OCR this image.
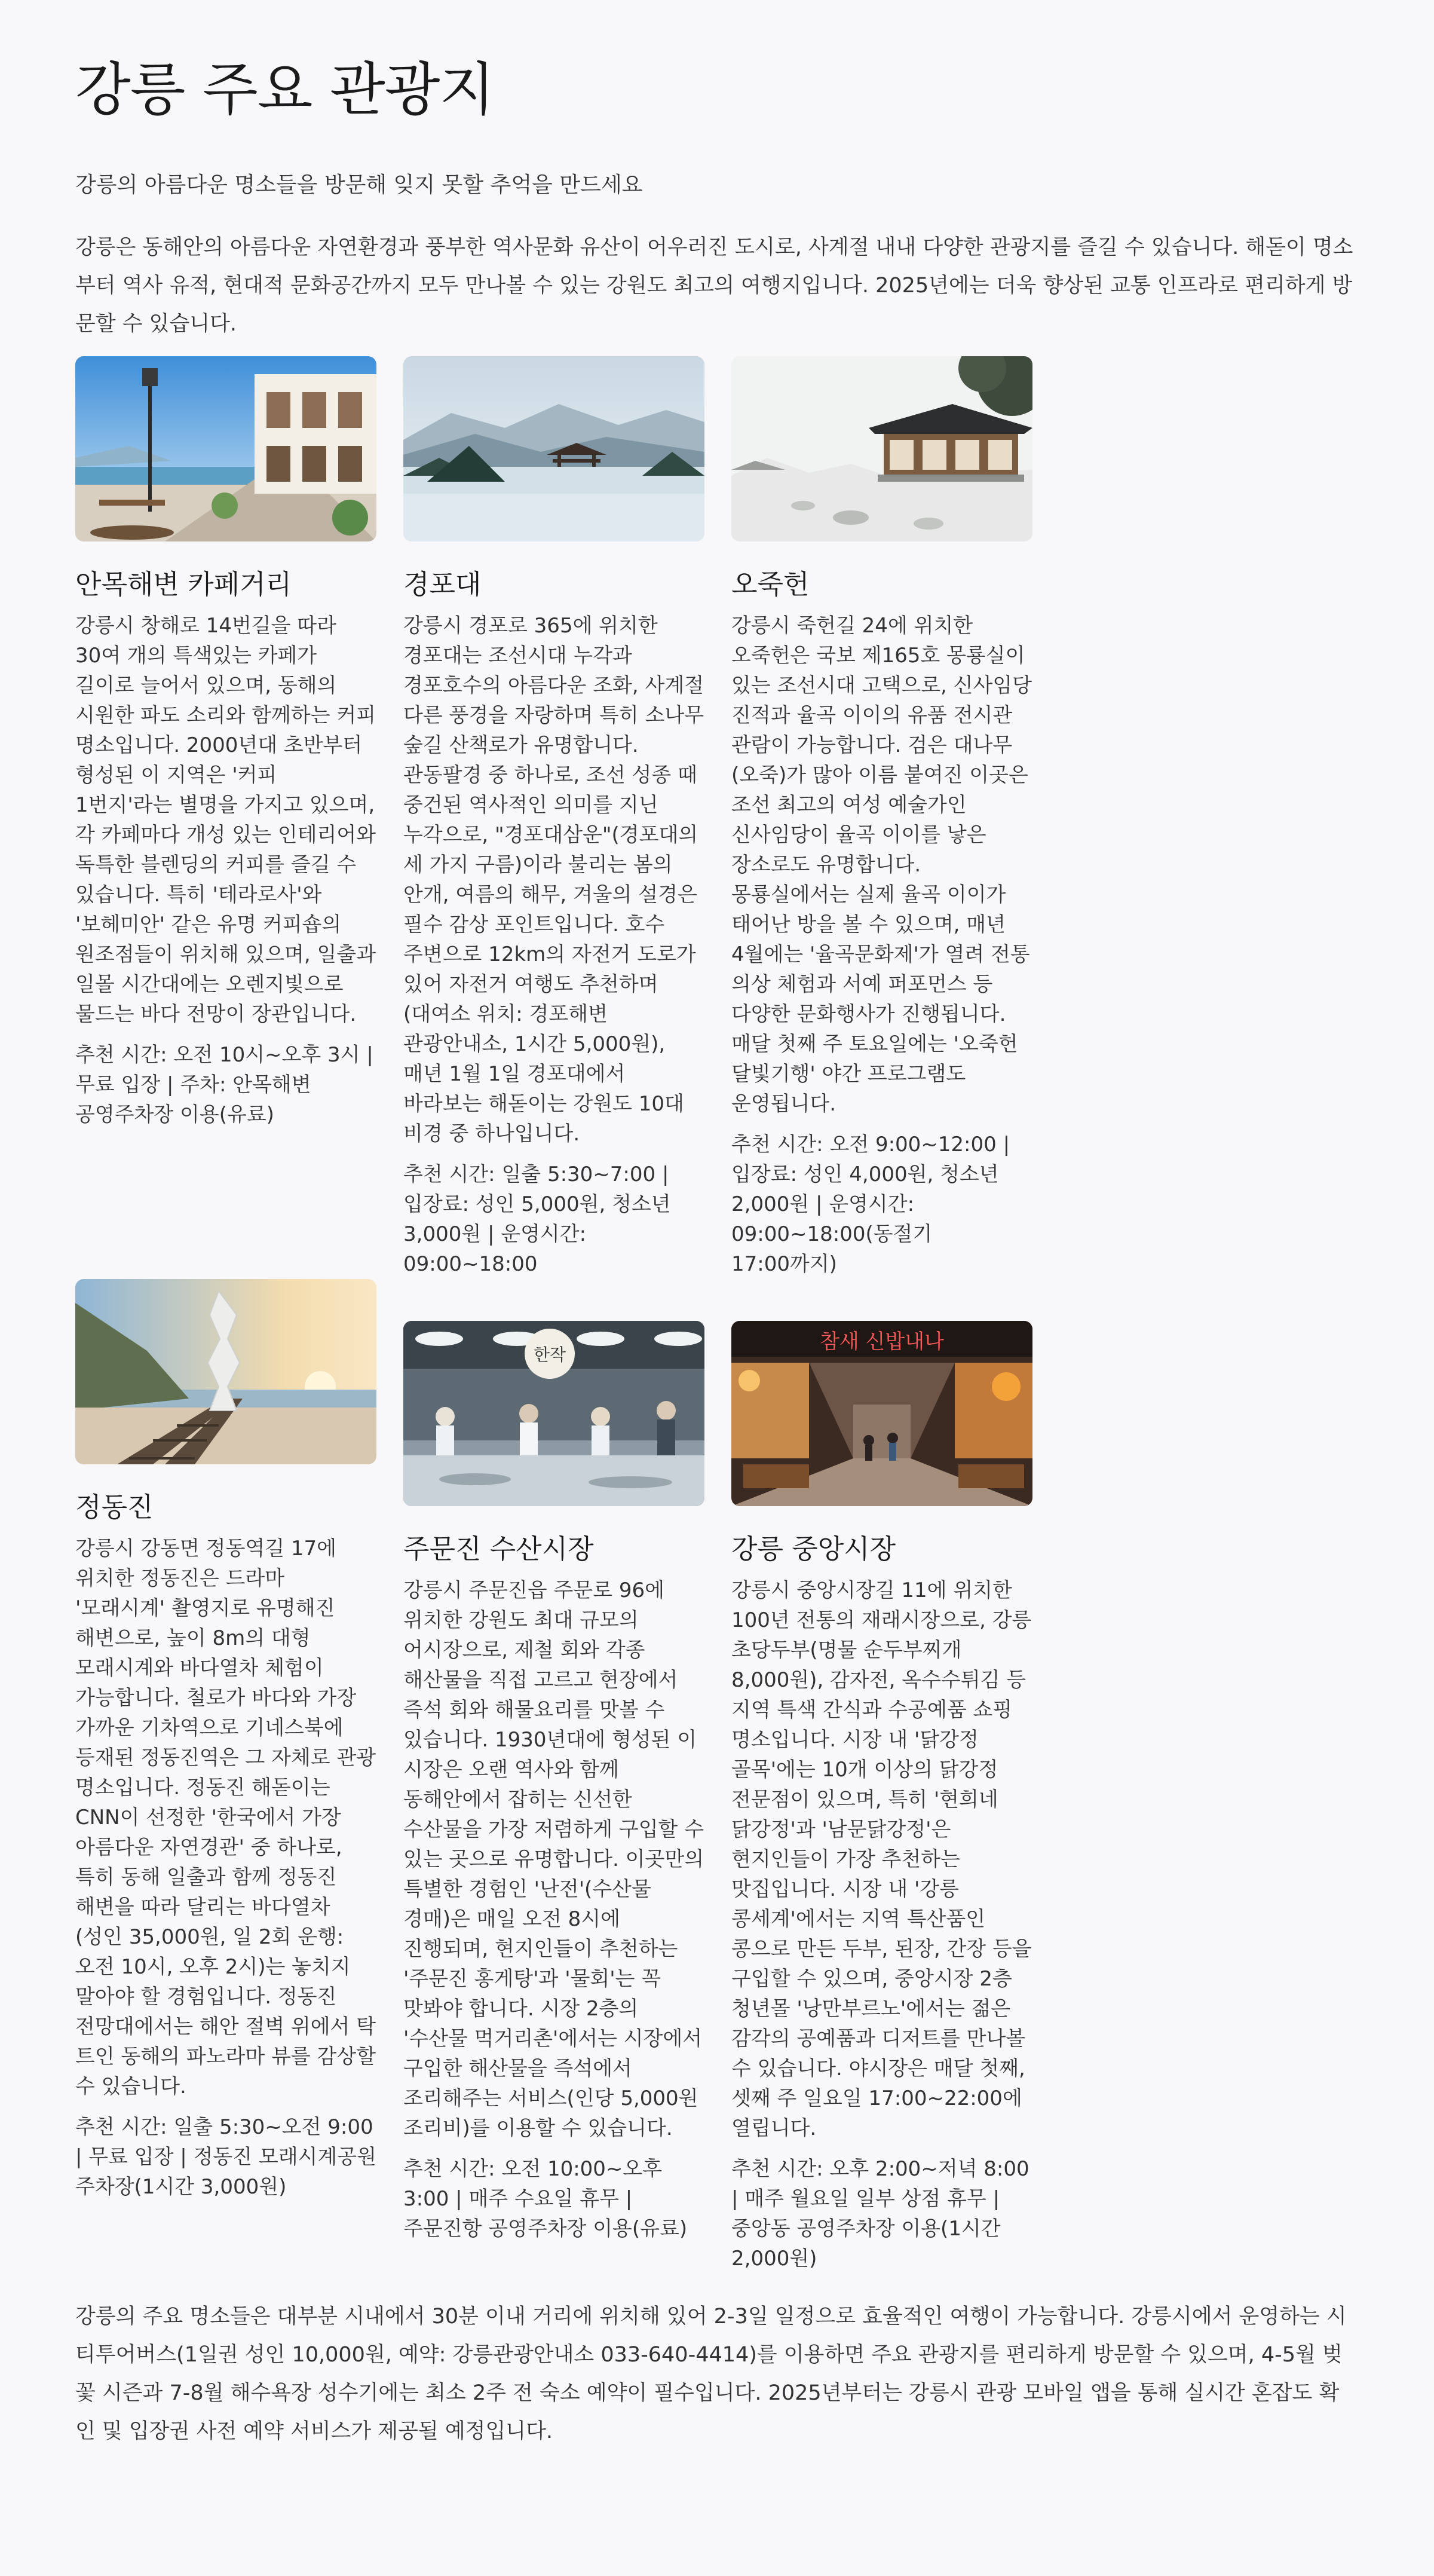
강릉 주요 관광지

강릉의 아름다운 명소들을 방문해 잊지 못할 추억을 만드세요

강릉은 동해안의 아름다운 자연환경과 풍부한 역사문화 유산이 어우러진 도시로, 사계절 내내 다양한 관광지를 즐길 수 있습니다. 해돋이 명소부터 역사 유적, 현대적 문화공간까지 모두 만나볼 수 있는 강원도 최고의 여행지입니다. 2025년에는 더욱 향상된 교통 인프라로 편리하게 방문할 수 있습니다.

안목해변 카페거리

강릉시 창해로 14번길을 따라 30여 개의 특색있는 카페가 길이로 늘어서 있으며, 동해의 시원한 파도 소리와 함께하는 커피 명소입니다. 2000년대 초반부터 형성된 이 지역은 '커피 1번지'라는 별명을 가지고 있으며, 각 카페마다 개성 있는 인테리어와 독특한 블렌딩의 커피를 즐길 수 있습니다. 특히 '테라로사'와 '보헤미안' 같은 유명 커피숍의 원조점들이 위치해 있으며, 일출과 일몰 시간대에는 오렌지빛으로 물드는 바다 전망이 장관입니다.

추천 시간: 오전 10시~오후 3시 | 무료 입장 | 주차: 안목해변 공영주차장 이용(유료)

경포대

강릉시 경포로 365에 위치한 경포대는 조선시대 누각과 경포호수의 아름다운 조화, 사계절 다른 풍경을 자랑하며 특히 소나무 숲길 산책로가 유명합니다. 관동팔경 중 하나로, 조선 성종 때 중건된 역사적인 의미를 지닌 누각으로, "경포대삼운"(경포대의 세 가지 구름)이라 불리는 봄의 안개, 여름의 해무, 겨울의 설경은 필수 감상 포인트입니다. 호수 주변으로 12km의 자전거 도로가 있어 자전거 여행도 추천하며(대여소 위치: 경포해변 관광안내소, 1시간 5,000원), 매년 1월 1일 경포대에서 바라보는 해돋이는 강원도 10대 비경 중 하나입니다.

추천 시간: 일출 5:30~7:00 | 입장료: 성인 5,000원, 청소년 3,000원 | 운영시간: 09:00~18:00

오죽헌

강릉시 죽헌길 24에 위치한 오죽헌은 국보 제165호 몽룡실이 있는 조선시대 고택으로, 신사임당 진적과 율곡 이이의 유품 전시관 관람이 가능합니다. 검은 대나무(오죽)가 많아 이름 붙여진 이곳은 조선 최고의 여성 예술가인 신사임당이 율곡 이이를 낳은 장소로도 유명합니다. 몽룡실에서는 실제 율곡 이이가 태어난 방을 볼 수 있으며, 매년 4월에는 '율곡문화제'가 열려 전통 의상 체험과 서예 퍼포먼스 등 다양한 문화행사가 진행됩니다. 매달 첫째 주 토요일에는 '오죽헌 달빛기행' 야간 프로그램도 운영됩니다.

추천 시간: 오전 9:00~12:00 | 입장료: 성인 4,000원, 청소년 2,000원 | 운영시간: 09:00~18:00(동절기 17:00까지)

정동진

강릉시 강동면 정동역길 17에 위치한 정동진은 드라마 '모래시계' 촬영지로 유명해진 해변으로, 높이 8m의 대형 모래시계와 바다열차 체험이 가능합니다. 철로가 바다와 가장 가까운 기차역으로 기네스북에 등재된 정동진역은 그 자체로 관광 명소입니다. 정동진 해돋이는 CNN이 선정한 '한국에서 가장 아름다운 자연경관' 중 하나로, 특히 동해 일출과 함께 정동진 해변을 따라 달리는 바다열차(성인 35,000원, 일 2회 운행: 오전 10시, 오후 2시)는 놓치지 말아야 할 경험입니다. 정동진 전망대에서는 해안 절벽 위에서 탁 트인 동해의 파노라마 뷰를 감상할 수 있습니다.

추천 시간: 일출 5:30~오전 9:00 | 무료 입장 | 정동진 모래시계공원 주차장(1시간 3,000원)

한작
주문진 수산시장

강릉시 주문진읍 주문로 96에 위치한 강원도 최대 규모의 어시장으로, 제철 회와 각종 해산물을 직접 고르고 현장에서 즉석 회와 해물요리를 맛볼 수 있습니다. 1930년대에 형성된 이 시장은 오랜 역사와 함께 동해안에서 잡히는 신선한 수산물을 가장 저렴하게 구입할 수 있는 곳으로 유명합니다. 이곳만의 특별한 경험인 '난전'(수산물 경매)은 매일 오전 8시에 진행되며, 현지인들이 추천하는 '주문진 홍게탕'과 '물회'는 꼭 맛봐야 합니다. 시장 2층의 '수산물 먹거리촌'에서는 시장에서 구입한 해산물을 즉석에서 조리해주는 서비스(인당 5,000원 조리비)를 이용할 수 있습니다.

추천 시간: 오전 10:00~오후 3:00 | 매주 수요일 휴무 | 주문진항 공영주차장 이용(유료)

참새 신밥내나
강릉 중앙시장

강릉시 중앙시장길 11에 위치한 100년 전통의 재래시장으로, 강릉 초당두부(명물 순두부찌개 8,000원), 감자전, 옥수수튀김 등 지역 특색 간식과 수공예품 쇼핑 명소입니다. 시장 내 '닭강정 골목'에는 10개 이상의 닭강정 전문점이 있으며, 특히 '현희네 닭강정'과 '남문닭강정'은 현지인들이 가장 추천하는 맛집입니다. 시장 내 '강릉 콩세계'에서는 지역 특산품인 콩으로 만든 두부, 된장, 간장 등을 구입할 수 있으며, 중앙시장 2층 청년몰 '낭만부르노'에서는 젊은 감각의 공예품과 디저트를 만나볼 수 있습니다. 야시장은 매달 첫째, 셋째 주 일요일 17:00~22:00에 열립니다.

추천 시간: 오후 2:00~저녁 8:00 | 매주 월요일 일부 상점 휴무 | 중앙동 공영주차장 이용(1시간 2,000원)

강릉의 주요 명소들은 대부분 시내에서 30분 이내 거리에 위치해 있어 2-3일 일정으로 효율적인 여행이 가능합니다. 강릉시에서 운영하는 시티투어버스(1일권 성인 10,000원, 예약: 강릉관광안내소 033-640-4414)를 이용하면 주요 관광지를 편리하게 방문할 수 있으며, 4-5월 벚꽃 시즌과 7-8월 해수욕장 성수기에는 최소 2주 전 숙소 예약이 필수입니다. 2025년부터는 강릉시 관광 모바일 앱을 통해 실시간 혼잡도 확인 및 입장권 사전 예약 서비스가 제공될 예정입니다.
